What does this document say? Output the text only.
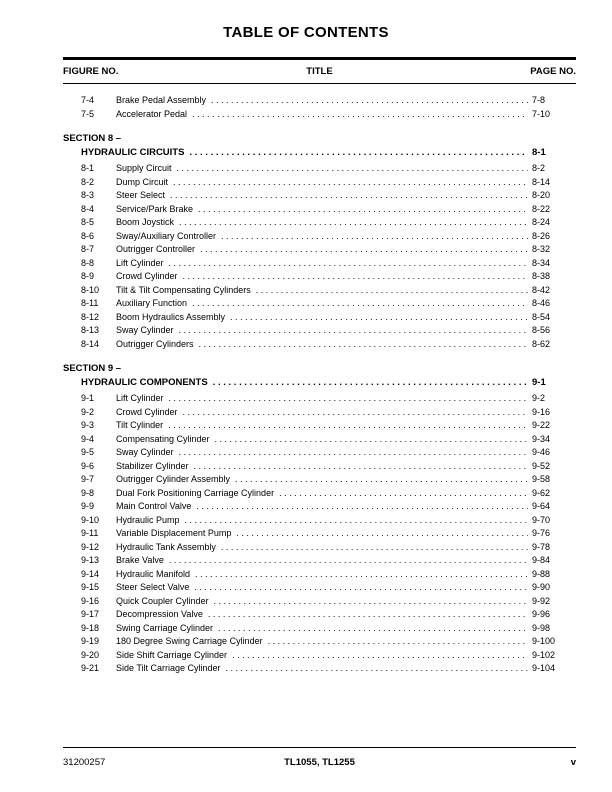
TABLE OF CONTENTS
FIGURE NO.	TITLE	PAGE NO.
7-4	Brake Pedal Assembly . . .	7-8
7-5	Accelerator Pedal . . .	7-10
SECTION 8 –
HYDRAULIC CIRCUITS . . .	8-1
8-1	Supply Circuit . . .	8-2
8-2	Dump Circuit . . .	8-14
8-3	Steer Select . . .	8-20
8-4	Service/Park Brake . . .	8-22
8-5	Boom Joystick . . .	8-24
8-6	Sway/Auxiliary Controller . . .	8-26
8-7	Outrigger Controller . . .	8-32
8-8	Lift Cylinder . . .	8-34
8-9	Crowd Cylinder . . .	8-38
8-10	Tilt & Tilt Compensating Cylinders . . .	8-42
8-11	Auxiliary Function . . .	8-46
8-12	Boom Hydraulics Assembly . . .	8-54
8-13	Sway Cylinder . . .	8-56
8-14	Outrigger Cylinders . . .	8-62
SECTION 9 –
HYDRAULIC COMPONENTS . . .	9-1
9-1	Lift Cylinder . . .	9-2
9-2	Crowd Cylinder . . .	9-16
9-3	Tilt Cylinder . . .	9-22
9-4	Compensating Cylinder . . .	9-34
9-5	Sway Cylinder . . .	9-46
9-6	Stabilizer Cylinder . . .	9-52
9-7	Outrigger Cylinder Assembly . . .	9-58
9-8	Dual Fork Positioning Carriage Cylinder . . .	9-62
9-9	Main Control Valve . . .	9-64
9-10	Hydraulic Pump . . .	9-70
9-11	Variable Displacement Pump . . .	9-76
9-12	Hydraulic Tank Assembly . . .	9-78
9-13	Brake Valve . . .	9-84
9-14	Hydraulic Manifold . . .	9-88
9-15	Steer Select Valve . . .	9-90
9-16	Quick Coupler Cylinder . . .	9-92
9-17	Decompression Valve . . .	9-96
9-18	Swing Carriage Cylinder . . .	9-98
9-19	180 Degree Swing Carriage Cylinder . . .	9-100
9-20	Side Shift Carriage Cylinder . . .	9-102
9-21	Side Tilt Carriage Cylinder . . .	9-104
31200257	TL1055, TL1255	v
